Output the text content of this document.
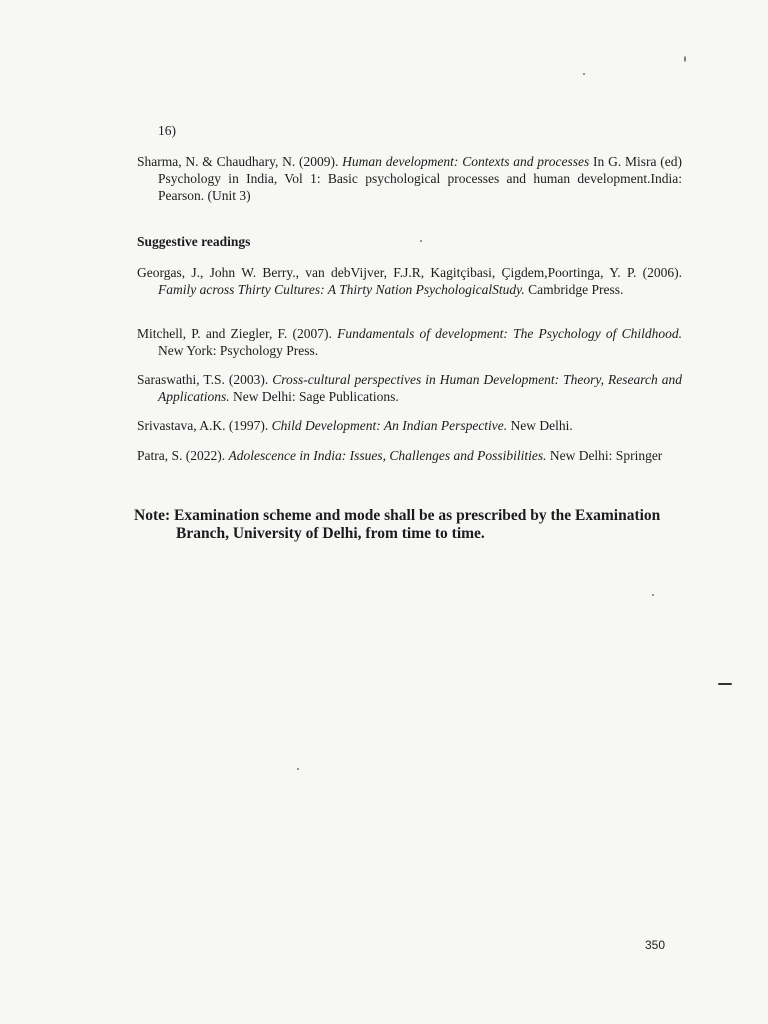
16)
Sharma, N. & Chaudhary, N. (2009). Human development: Contexts and processes In G. Misra (ed) Psychology in India, Vol 1: Basic psychological processes and human development.India: Pearson. (Unit 3)
Suggestive readings
Georgas, J., John W. Berry., van debVijver, F.J.R, Kagitçibasi, Çigdem,Poortinga, Y. P. (2006). Family across Thirty Cultures: A Thirty Nation PsychologicalStudy. Cambridge Press.
Mitchell, P. and Ziegler, F. (2007). Fundamentals of development: The Psychology of Childhood. New York: Psychology Press.
Saraswathi, T.S. (2003). Cross-cultural perspectives in Human Development: Theory, Research and Applications. New Delhi: Sage Publications.
Srivastava, A.K. (1997). Child Development: An Indian Perspective. New Delhi.
Patra, S. (2022). Adolescence in India: Issues, Challenges and Possibilities. New Delhi: Springer
Note: Examination scheme and mode shall be as prescribed by the Examination
Branch, University of Delhi, from time to time.
350
